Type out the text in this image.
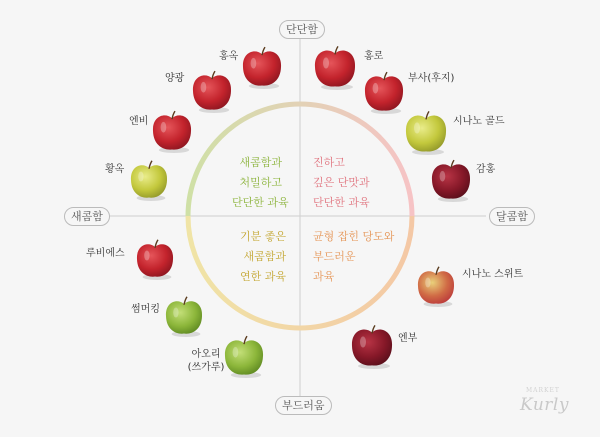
단단함
부드러움
새콤함	달콤함
새콤함과
처밀하고
단단한 과육
진하고
깊은 단맛과
단단한 과육
기분 좋은
새콤함과
연한 과육
균형 잡힌 당도와
부드러운
과육
홍옥
양광
엔비
황옥
루비에스
썸머킹
아오리
(쓰가루)
홍로
부사(후지)
시나노 골드
감홍
시나노 스위트
엔부
MARKET
Kurly
